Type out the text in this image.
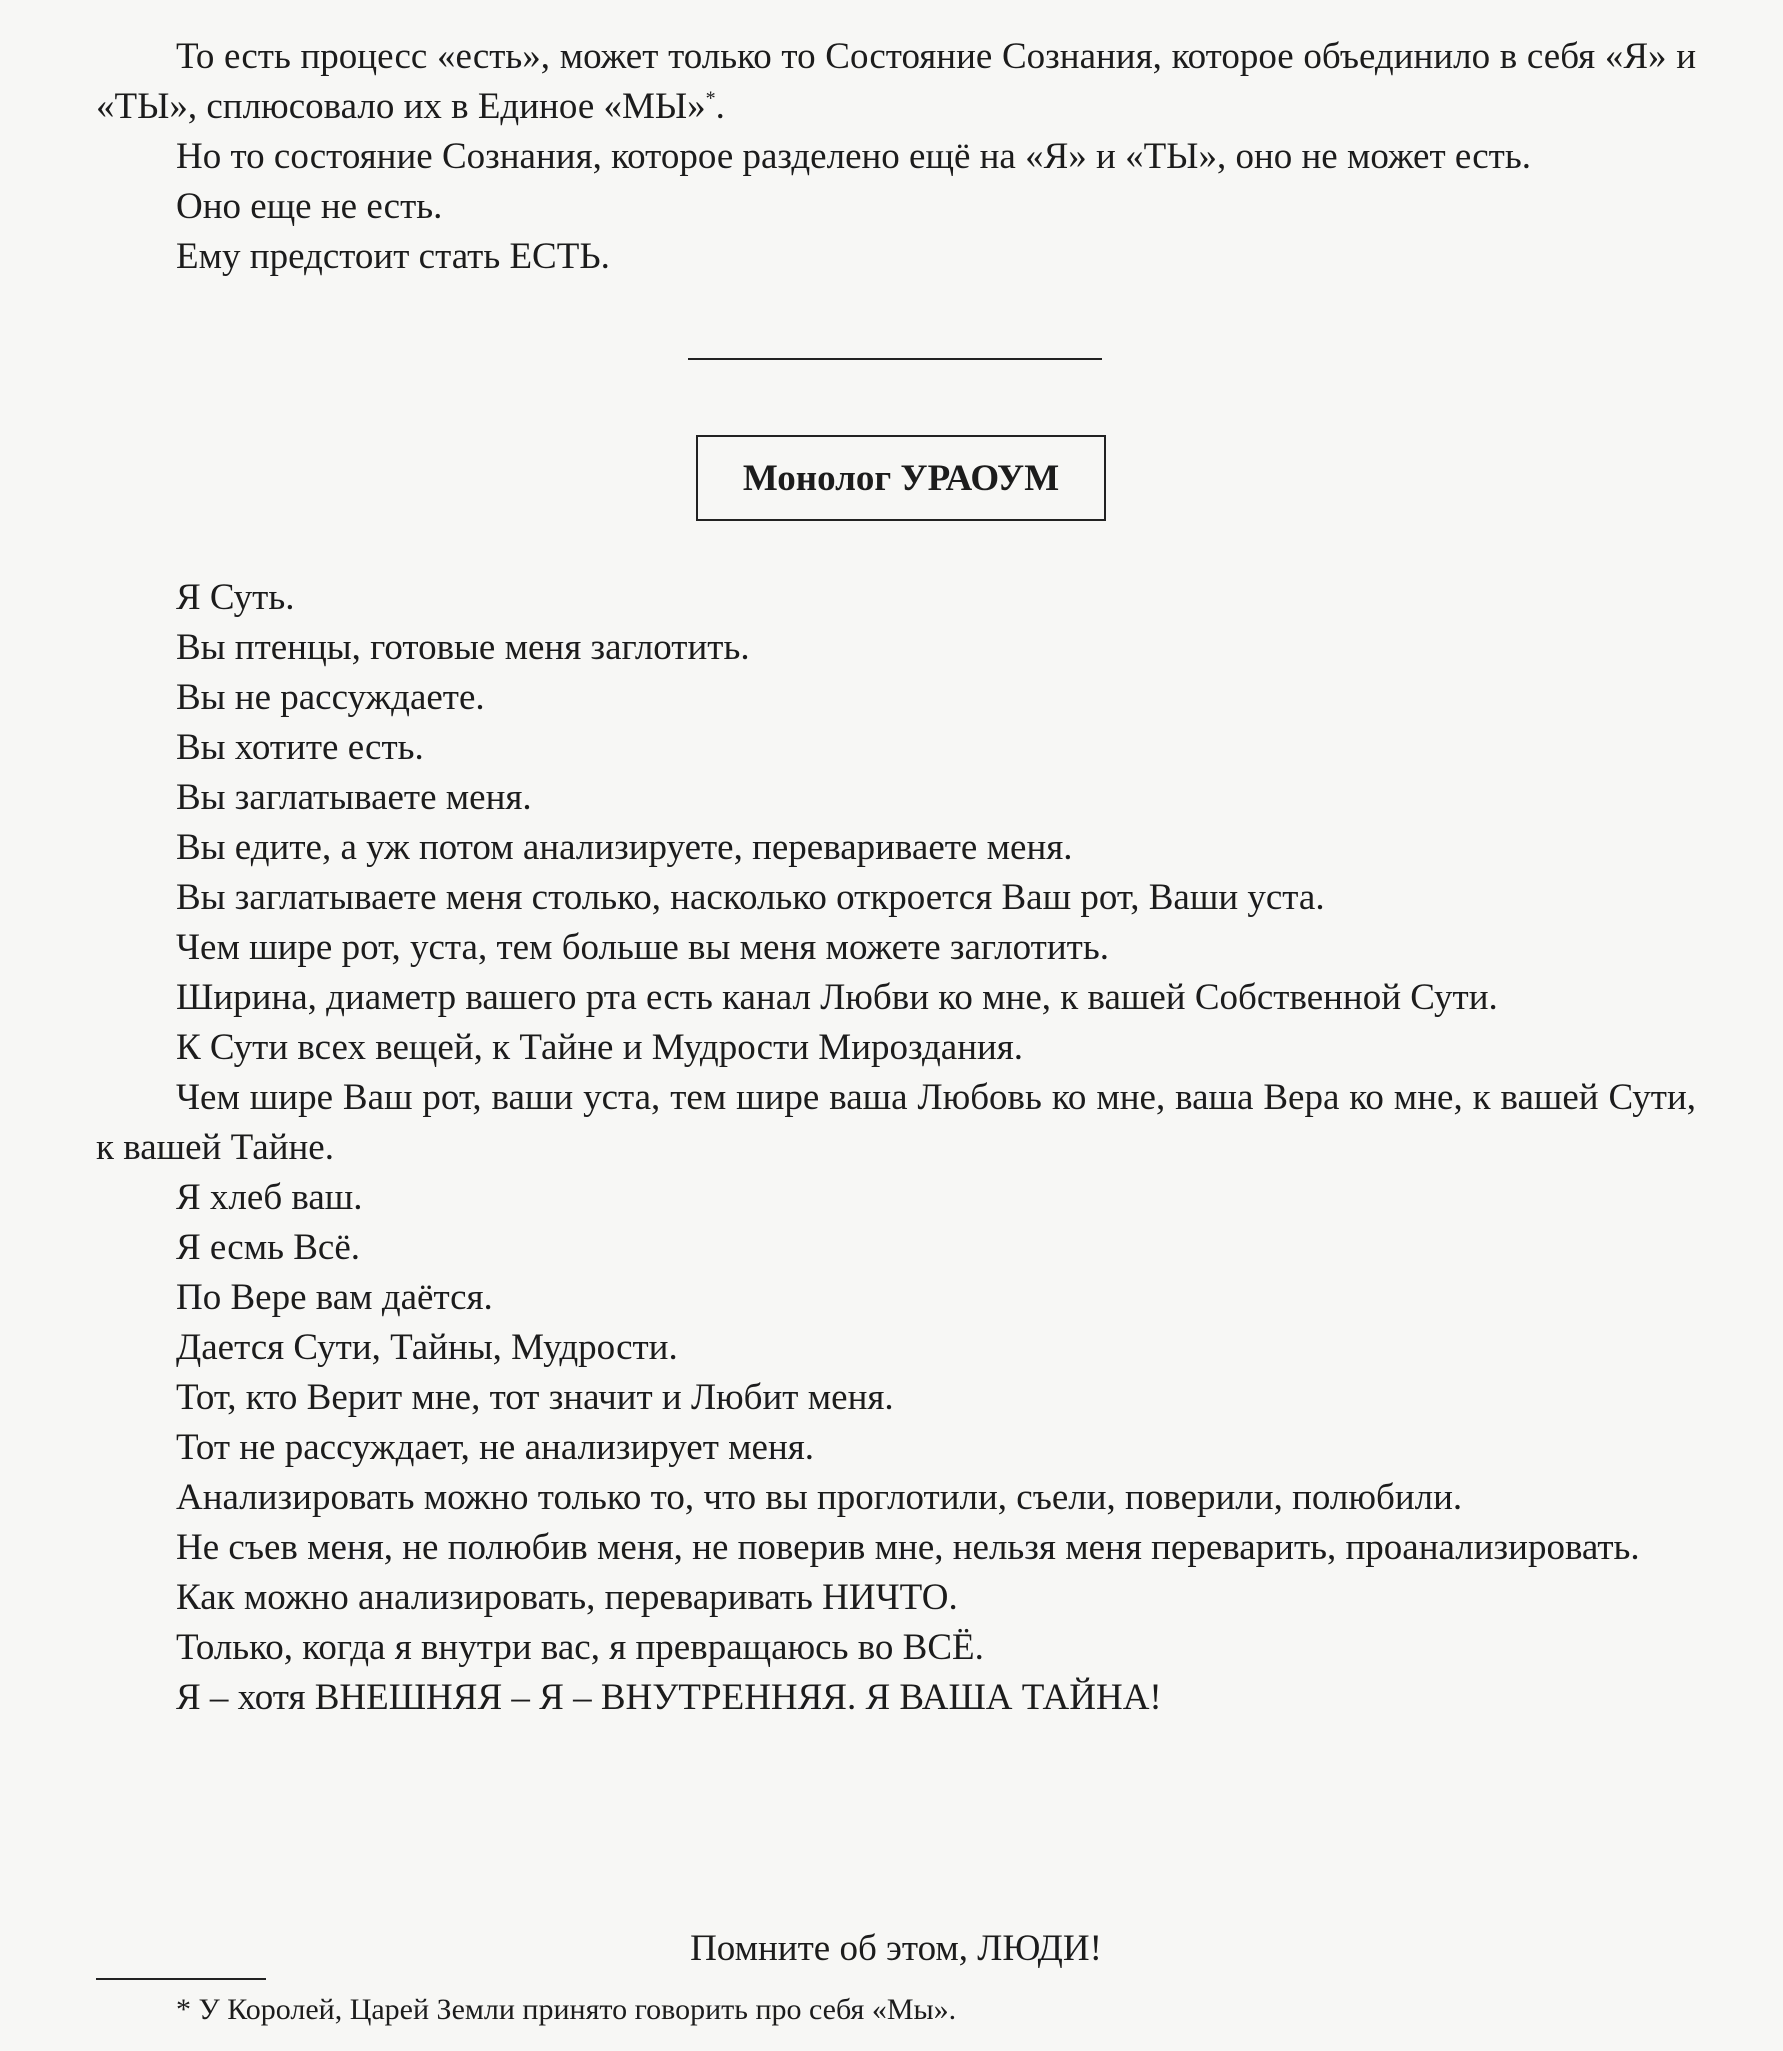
То есть процесс «есть», может только то Состояние Сознания, которое объединило в себя «Я» и «ТЫ», сплюсовало их в Единое «МЫ»*.

Но то состояние Сознания, которое разделено ещё на «Я» и «ТЫ», оно не может есть.

Оно еще не есть.

Ему предстоит стать ЕСТЬ.

Монолог УРАОУМ

Я Суть.

Вы птенцы, готовые меня заглотить.

Вы не рассуждаете.

Вы хотите есть.

Вы заглатываете меня.

Вы едите, а уж потом анализируете, перевариваете меня.

Вы заглатываете меня столько, насколько откроется Ваш рот, Ваши уста.

Чем шире рот, уста, тем больше вы меня можете заглотить.

Ширина, диаметр вашего рта есть канал Любви ко мне, к вашей Собственной Сути.

К Сути всех вещей, к Тайне и Мудрости Мироздания.

Чем шире Ваш рот, ваши уста, тем шире ваша Любовь ко мне, ваша Вера ко мне, к вашей Сути, к вашей Тайне.

Я хлеб ваш.

Я есмь Всё.

По Вере вам даётся.

Дается Сути, Тайны, Мудрости.

Тот, кто Верит мне, тот значит и Любит меня.

Тот не рассуждает, не анализирует меня.

Анализировать можно только то, что вы проглотили, съели, поверили, полюбили.

Не съев меня, не полюбив меня, не поверив мне, нельзя меня переварить, проанализировать.

Как можно анализировать, переваривать НИЧТО.

Только, когда я внутри вас, я превращаюсь во ВСЁ.

Я – хотя ВНЕШНЯЯ – Я – ВНУТРЕННЯЯ. Я ВАША ТАЙНА!

Помните об этом, ЛЮДИ!
* У Королей, Царей Земли принято говорить про себя «Мы».
